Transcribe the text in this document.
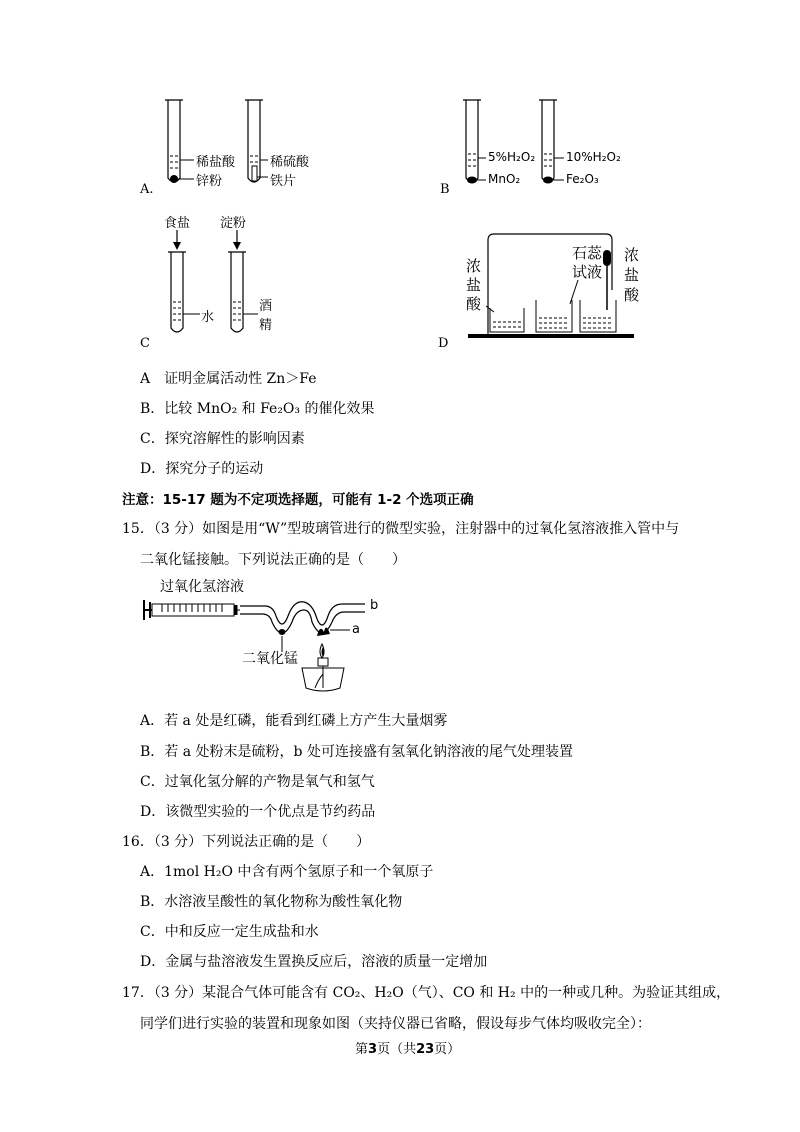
稀盐酸
锌粉
稀硫酸
铁片
A.
5%H₂O₂
MnO₂
10%H₂O₂
Fe₂O₃
B
食盐 淀粉
水
酒
精
C
浓
盐
酸
石蕊
试液
浓
盐
酸
D
A　证明金属活动性 Zn＞Fe
B．比较 MnO₂ 和 Fe₂O₃ 的催化效果
C．探究溶解性的影响因素
D．探究分子的运动
注意：15-17 题为不定项选择题，可能有 1-2 个选项正确
15．（3 分）如图是用“W”型玻璃管进行的微型实验，注射器中的过氧化氢溶液推入管中与
二氧化锰接触。下列说法正确的是（　　）
过氧化氢溶液
b
a
二氧化锰
A．若 a 处是红磷，能看到红磷上方产生大量烟雾
B．若 a 处粉末是硫粉，b 处可连接盛有氢氧化钠溶液的尾气处理装置
C．过氧化氢分解的产物是氧气和氢气
D．该微型实验的一个优点是节约药品
16．（3 分）下列说法正确的是（　　）
A．1mol H₂O 中含有两个氢原子和一个氧原子
B．水溶液呈酸性的氧化物称为酸性氧化物
C．中和反应一定生成盐和水
D．金属与盐溶液发生置换反应后，溶液的质量一定增加
17．（3 分）某混合气体可能含有 CO₂、H₂O（气）、CO 和 H₂ 中的一种或几种。为验证其组成，
同学们进行实验的装置和现象如图（夹持仪器已省略，假设每步气体均吸收完全）：
第3页（共23页）
